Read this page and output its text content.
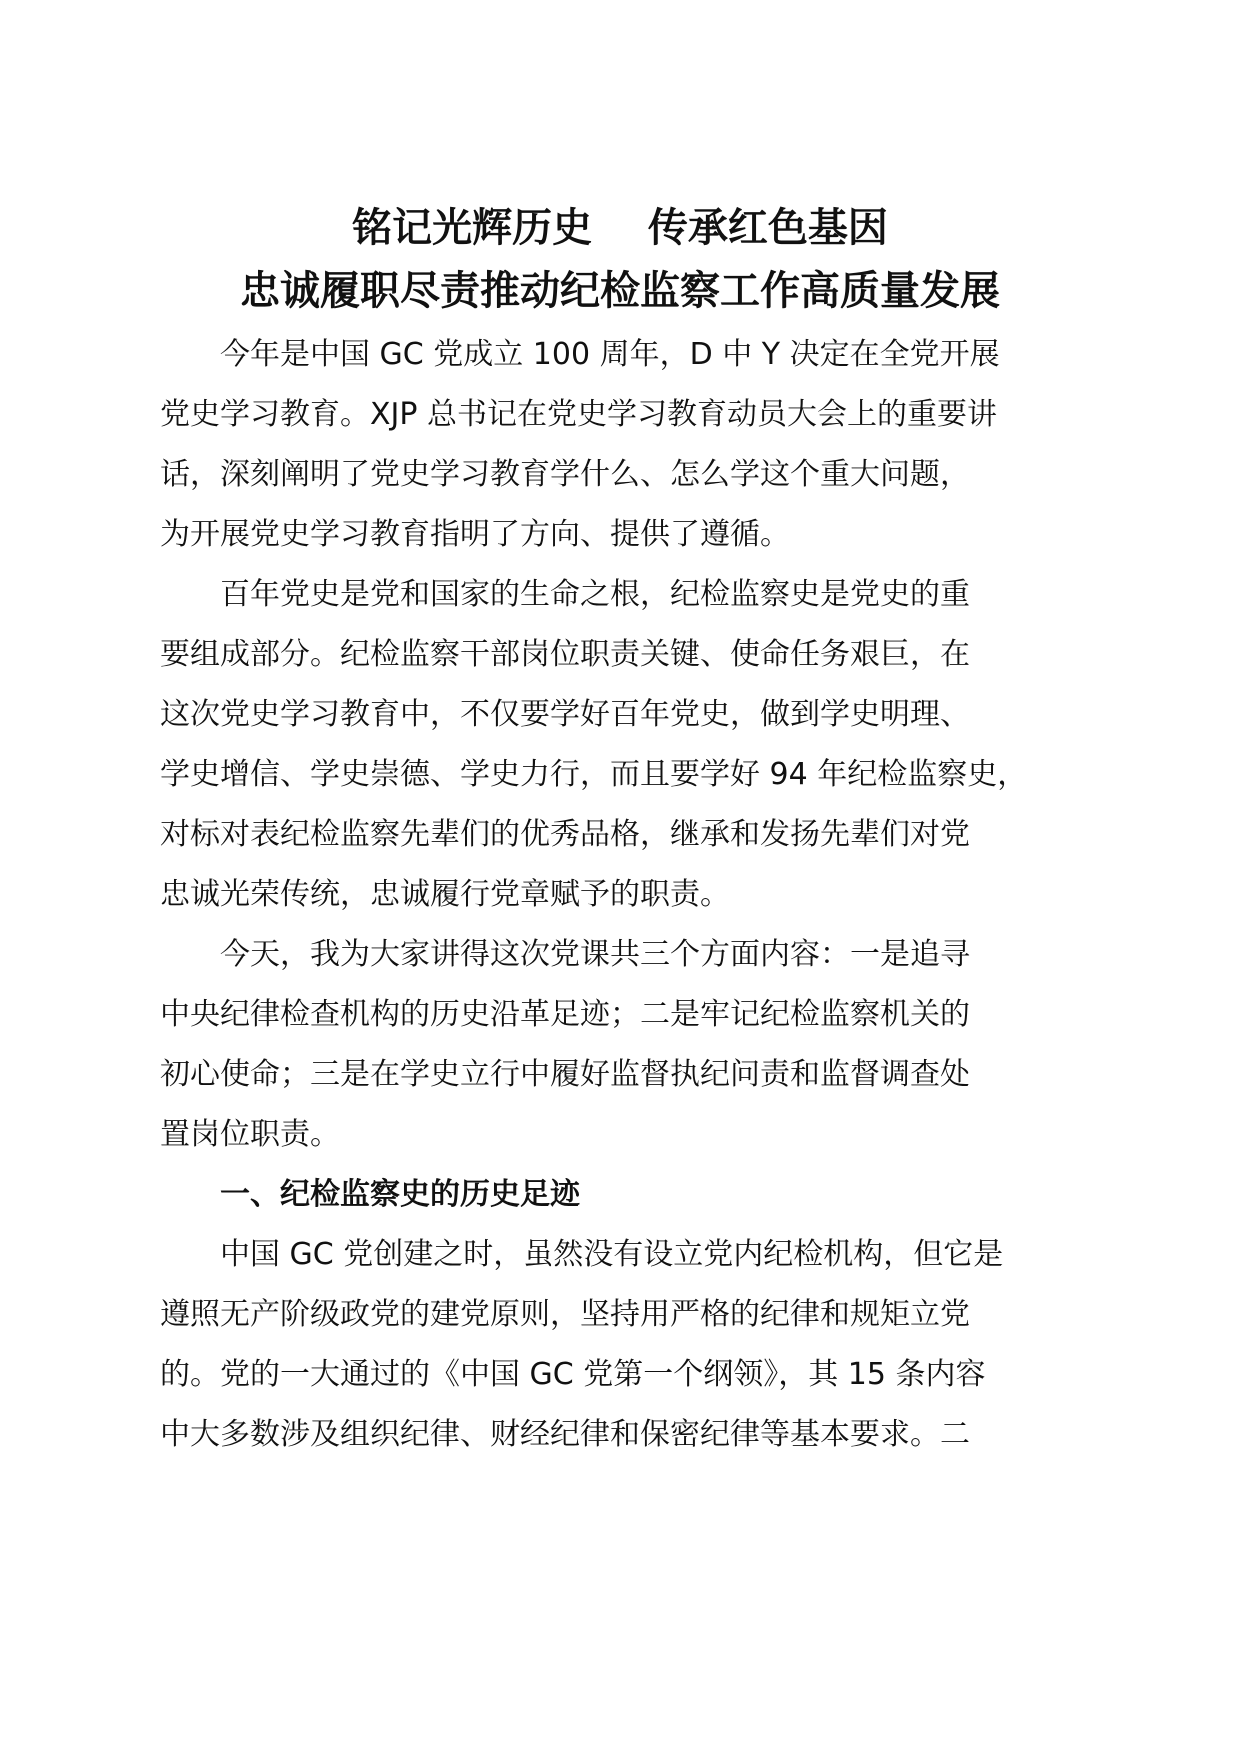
铭记光辉历史    传承红色基因
忠诚履职尽责推动纪检监察工作高质量发展

　　今年是中国 GC 党成立 100 周年，D 中 Y 决定在全党开展

党史学习教育。XJP 总书记在党史学习教育动员大会上的重要讲

话，深刻阐明了党史学习教育学什么、怎么学这个重大问题，

为开展党史学习教育指明了方向、提供了遵循。

　　百年党史是党和国家的生命之根，纪检监察史是党史的重

要组成部分。纪检监察干部岗位职责关键、使命任务艰巨，在

这次党史学习教育中，不仅要学好百年党史，做到学史明理、

学史增信、学史崇德、学史力行，而且要学好 94 年纪检监察史，

对标对表纪检监察先辈们的优秀品格，继承和发扬先辈们对党

忠诚光荣传统，忠诚履行党章赋予的职责。

　　今天，我为大家讲得这次党课共三个方面内容：一是追寻

中央纪律检查机构的历史沿革足迹；二是牢记纪检监察机关的

初心使命；三是在学史立行中履好监督执纪问责和监督调查处

置岗位职责。

　　一、纪检监察史的历史足迹

　　中国 GC 党创建之时，虽然没有设立党内纪检机构，但它是

遵照无产阶级政党的建党原则，坚持用严格的纪律和规矩立党

的。党的一大通过的《中国 GC 党第一个纲领》，其 15 条内容

中大多数涉及组织纪律、财经纪律和保密纪律等基本要求。二
